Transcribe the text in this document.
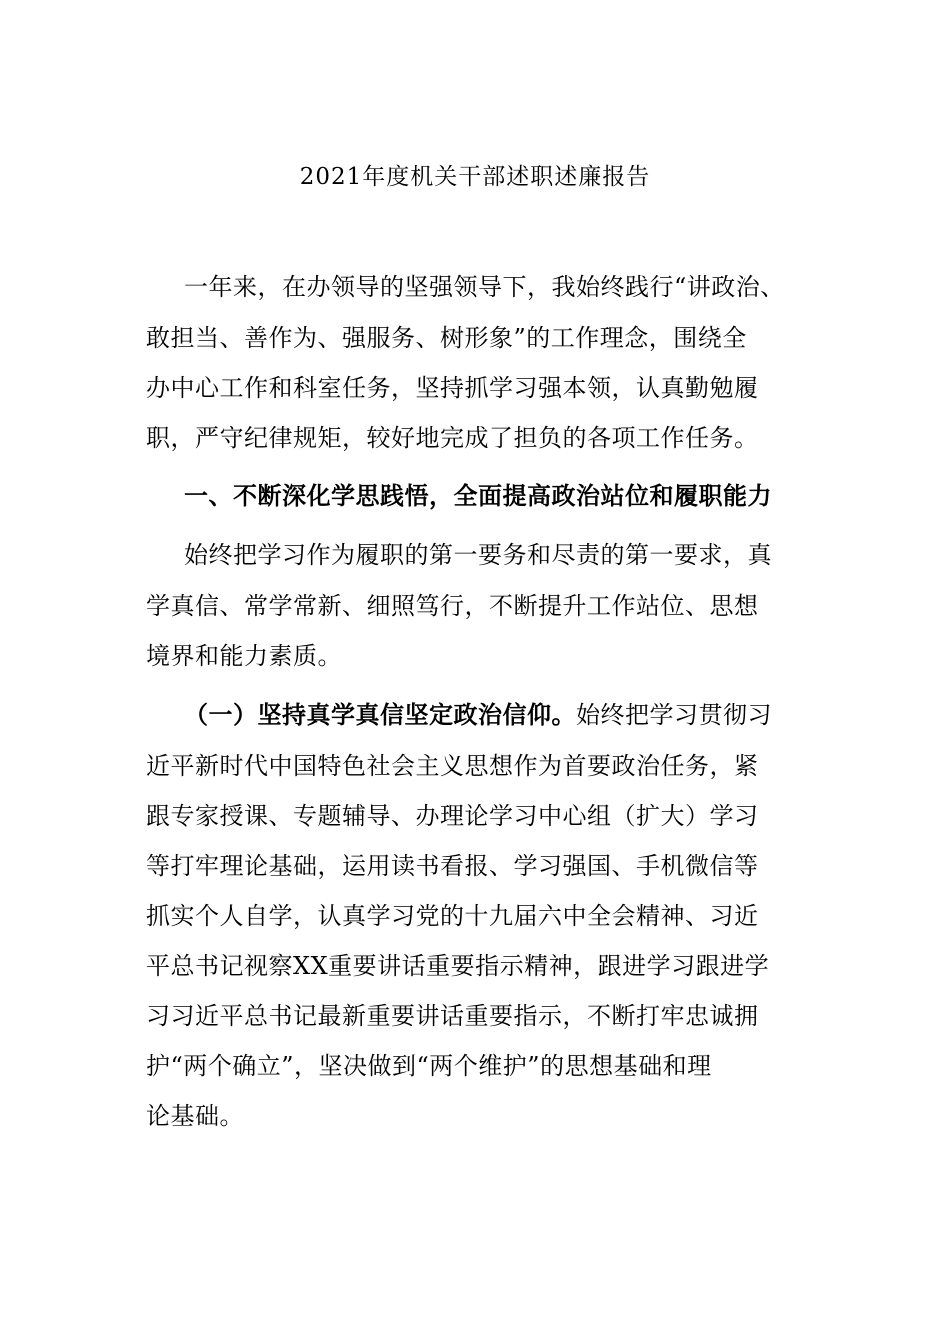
2021年度机关干部述职述廉报告

一年来，在办领导的坚强领导下，我始终践行“讲政治、

敢担当、善作为、强服务、树形象”的工作理念，围绕全

办中心工作和科室任务，坚持抓学习强本领，认真勤勉履

职，严守纪律规矩，较好地完成了担负的各项工作任务。

一、不断深化学思践悟，全面提高政治站位和履职能力

始终把学习作为履职的第一要务和尽责的第一要求，真

学真信、常学常新、细照笃行，不断提升工作站位、思想

境界和能力素质。

（一）坚持真学真信坚定政治信仰。始终把学习贯彻习

近平新时代中国特色社会主义思想作为首要政治任务，紧

跟专家授课、专题辅导、办理论学习中心组（扩大）学习

等打牢理论基础，运用读书看报、学习强国、手机微信等

抓实个人自学，认真学习党的十九届六中全会精神、习近

平总书记视察XX重要讲话重要指示精神，跟进学习跟进学

习习近平总书记最新重要讲话重要指示，不断打牢忠诚拥

护“两个确立”，坚决做到“两个维护”的思想基础和理

论基础。
